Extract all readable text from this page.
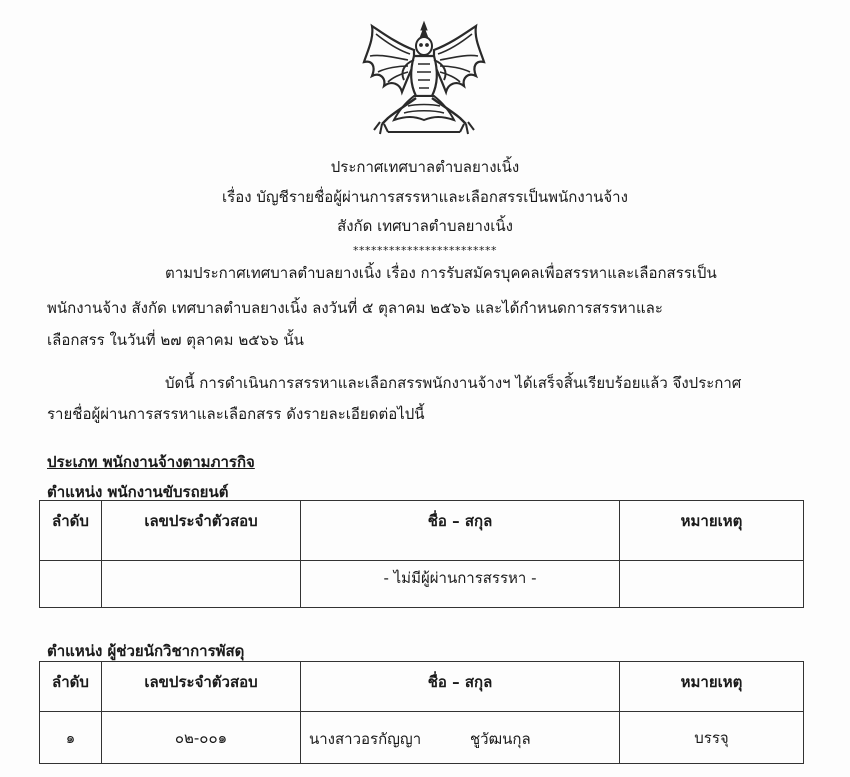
ประกาศเทศบาลตำบลยางเนิ้ง
เรื่อง บัญชีรายชื่อผู้ผ่านการสรรหาและเลือกสรรเป็นพนักงานจ้าง
สังกัด เทศบาลตำบลยางเนิ้ง
************************
ตามประกาศเทศบาลตำบลยางเนิ้ง เรื่อง การรับสมัครบุคคลเพื่อสรรหาและเลือกสรรเป็น
พนักงานจ้าง สังกัด เทศบาลตำบลยางเนิ้ง ลงวันที่ ๕ ตุลาคม ๒๕๖๖ และได้กำหนดการสรรหาและ
เลือกสรร ในวันที่ ๒๗ ตุลาคม ๒๕๖๖ นั้น
บัดนี้ การดำเนินการสรรหาและเลือกสรรพนักงานจ้างฯ ได้เสร็จสิ้นเรียบร้อยแล้ว จึงประกาศ
รายชื่อผู้ผ่านการสรรหาและเลือกสรร ดังรายละเอียดต่อไปนี้
ประเภท พนักงานจ้างตามภารกิจ
ตำแหน่ง พนักงานขับรถยนต์
ลำดับ	เลขประจำตัวสอบ	ชื่อ – สกุล	หมายเหตุ
		- ไม่มีผู้ผ่านการสรรหา -	
ตำแหน่ง ผู้ช่วยนักวิชาการพัสดุ
ลำดับ	เลขประจำตัวสอบ	ชื่อ – สกุล	หมายเหตุ
๑	๐๒-๐๐๑	นางสาวอรกัญญา ชูวัฒนกุล	บรรจุ
